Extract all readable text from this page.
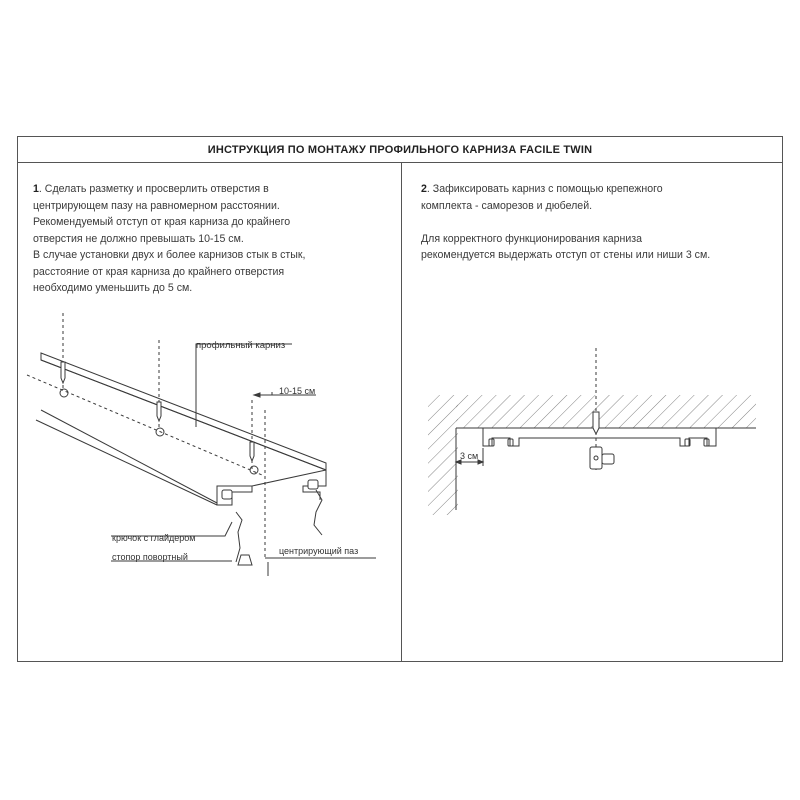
ИНСТРУКЦИЯ ПО МОНТАЖУ ПРОФИЛЬНОГО КАРНИЗА FACILE TWIN

1. Сделать разметку и просверлить отверстия в

центрирующем пазу на равномерном расстоянии.

Рекомендуемый отступ от края карниза до крайнего

отверстия не должно превышать 10-15 см.

В случае установки двух и более карнизов стык в стык,

расстояние от края карниза до крайнего отверстия

необходимо уменьшить до 5 см.

2. Зафиксировать карниз с помощью крепежного

комплекта - саморезов и дюбелей.

Для корректного функционирования карниза

рекомендуется выдержать отступ от стены или ниши 3 см.

профильный карниз
10-15 см
крючок с глайдером
стопор повортный
центрирующий паз
3 см
